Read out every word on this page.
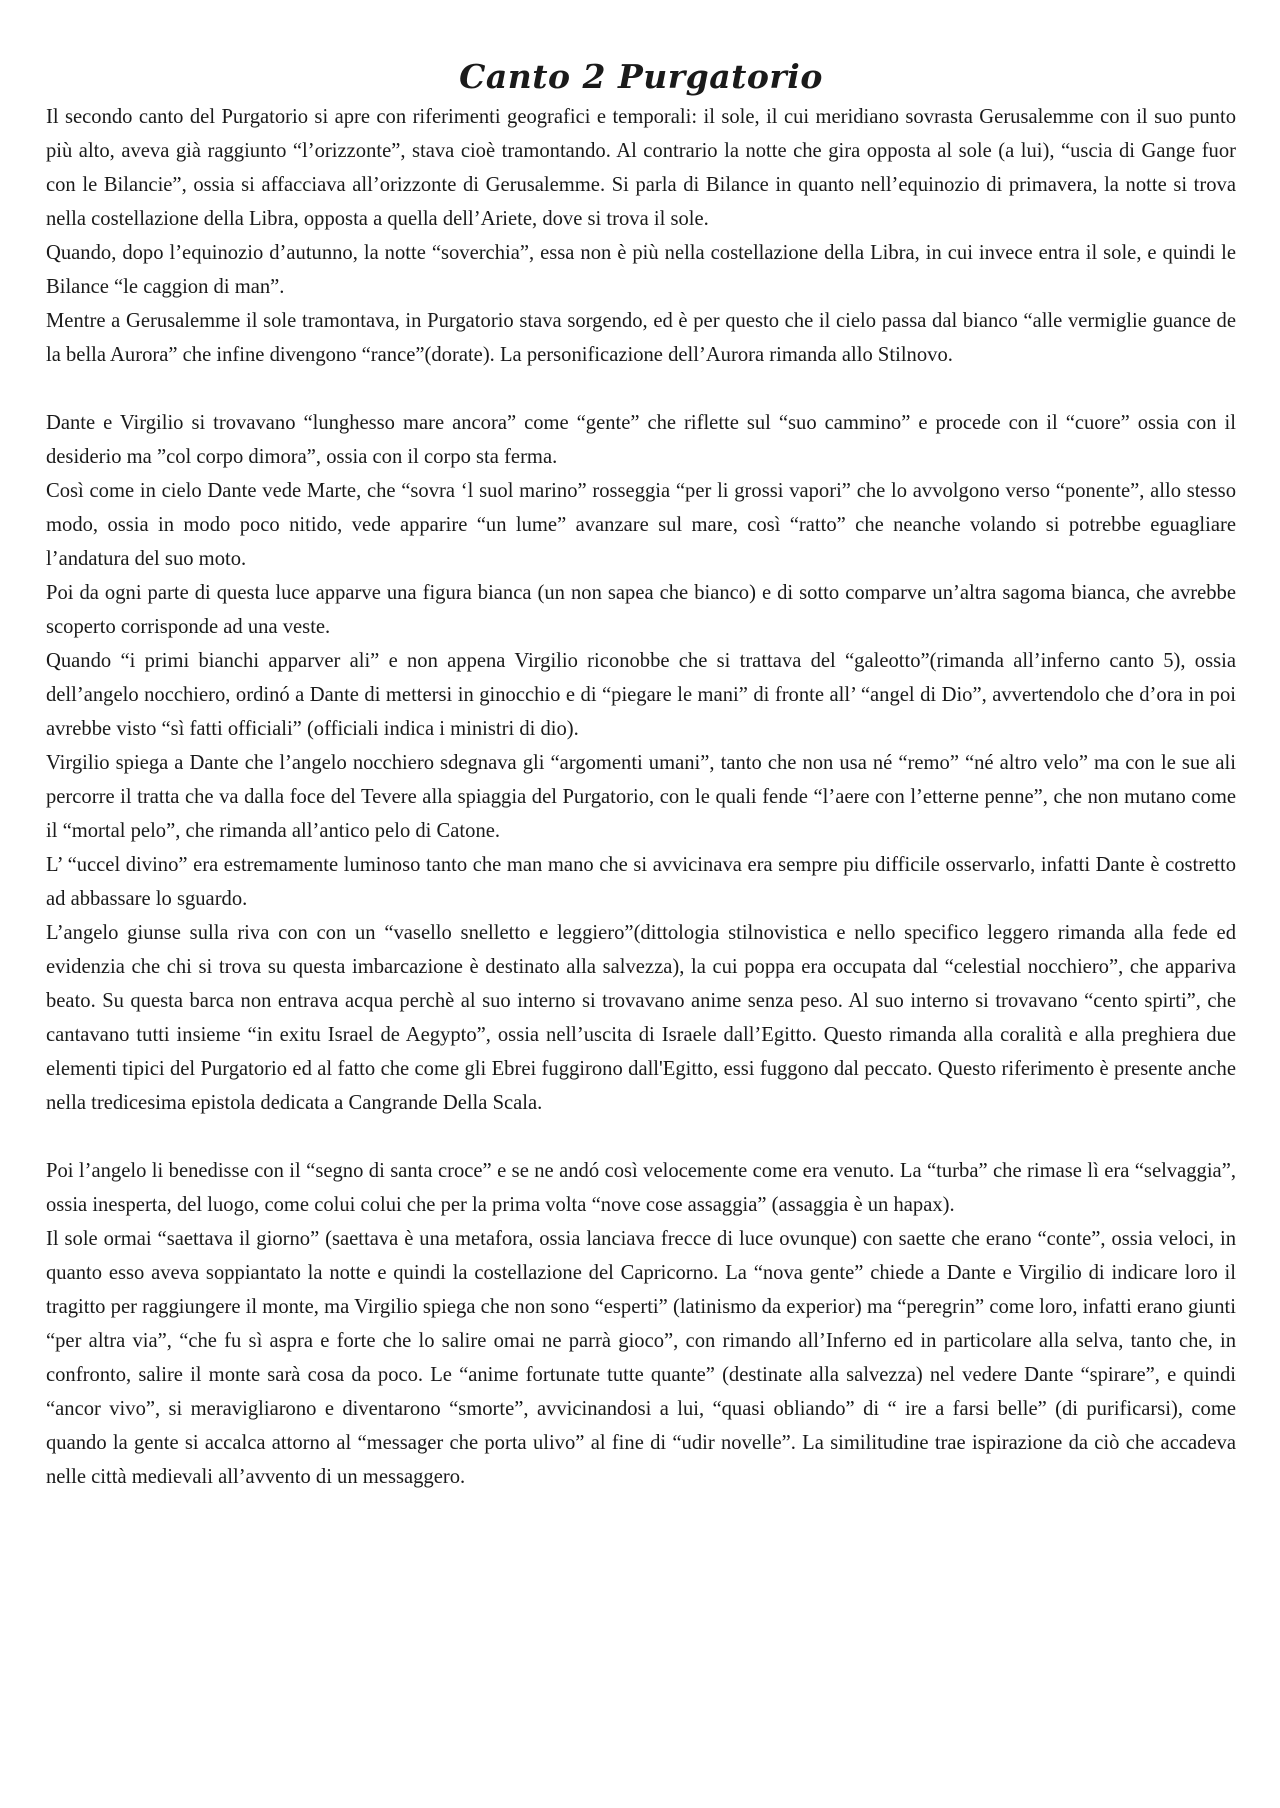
Canto 2 Purgatorio

Il secondo canto del Purgatorio si apre con riferimenti geografici e temporali: il sole, il cui meridiano sovrasta Gerusalemme con il suo punto più alto, aveva già raggiunto “l’orizzonte”, stava cioè tramontando. Al contrario la notte che gira opposta al sole (a lui), “uscia di Gange fuor con le Bilancie”, ossia si affacciava all’orizzonte di Gerusalemme. Si parla di Bilance in quanto nell’equinozio di primavera, la notte si trova nella costellazione della Libra, opposta a quella dell’Ariete, dove si trova il sole.

Quando, dopo l’equinozio d’autunno, la notte “soverchia”, essa non è più nella costellazione della Libra, in cui invece entra il sole, e quindi le Bilance “le caggion di man”.

Mentre a Gerusalemme il sole tramontava, in Purgatorio stava sorgendo, ed è per questo che il cielo passa dal bianco “alle vermiglie guance de la bella Aurora” che infine divengono “rance”(dorate). La personificazione dell’Aurora rimanda allo Stilnovo.

Dante e Virgilio si trovavano “lunghesso mare ancora” come “gente” che riflette sul “suo cammino” e procede con il “cuore” ossia con il desiderio ma ”col corpo dimora”, ossia con il corpo sta ferma.

Così come in cielo Dante vede Marte, che “sovra ‘l suol marino” rosseggia “per li grossi vapori” che lo avvolgono verso “ponente”, allo stesso modo, ossia in modo poco nitido, vede apparire “un lume” avanzare sul mare, così “ratto” che neanche volando si potrebbe eguagliare l’andatura del suo moto.

Poi da ogni parte di questa luce apparve una figura bianca (un non sapea che bianco) e di sotto comparve un’altra sagoma bianca, che avrebbe scoperto corrisponde ad una veste.

Quando “i primi bianchi apparver ali” e non appena Virgilio riconobbe che si trattava del “galeotto”(rimanda all’inferno canto 5), ossia dell’angelo nocchiero, ordinó a Dante di mettersi in ginocchio e di “piegare le mani” di fronte all’ “angel di Dio”, avvertendolo che d’ora in poi avrebbe visto “sì fatti officiali” (officiali indica i ministri di dio).

Virgilio spiega a Dante che l’angelo nocchiero sdegnava gli “argomenti umani”, tanto che non usa né “remo” “né altro velo” ma con le sue ali percorre il tratta che va dalla foce del Tevere alla spiaggia del Purgatorio, con le quali fende “l’aere con l’etterne penne”, che non mutano come il “mortal pelo”, che rimanda all’antico pelo di Catone.

L’ “uccel divino” era estremamente luminoso tanto che man mano che si avvicinava era sempre piu difficile osservarlo, infatti Dante è costretto ad abbassare lo sguardo.

L’angelo giunse sulla riva con con un “vasello snelletto e leggiero”(dittologia stilnovistica e nello specifico leggero rimanda alla fede ed evidenzia che chi si trova su questa imbarcazione è destinato alla salvezza), la cui poppa era occupata dal “celestial nocchiero”, che appariva beato. Su questa barca non entrava acqua perchè al suo interno si trovavano anime senza peso. Al suo interno si trovavano “cento spirti”, che cantavano tutti insieme “in exitu Israel de Aegypto”, ossia nell’uscita di Israele dall’Egitto. Questo rimanda alla coralità e alla preghiera due elementi tipici del Purgatorio ed al fatto che come gli Ebrei fuggirono dall'Egitto, essi fuggono dal peccato. Questo riferimento è presente anche nella tredicesima epistola dedicata a Cangrande Della Scala.

Poi l’angelo li benedisse con il “segno di santa croce” e se ne andó così velocemente come era venuto. La “turba” che rimase lì era “selvaggia”, ossia inesperta, del luogo, come colui colui che per la prima volta “nove cose assaggia” (assaggia è un hapax).

Il sole ormai “saettava il giorno” (saettava è una metafora, ossia lanciava frecce di luce ovunque) con saette che erano “conte”, ossia veloci, in quanto esso aveva soppiantato la notte e quindi la costellazione del Capricorno. La “nova gente” chiede a Dante e Virgilio di indicare loro il tragitto per raggiungere il monte, ma Virgilio spiega che non sono “esperti” (latinismo da experior) ma “peregrin” come loro, infatti erano giunti “per altra via”, “che fu sì aspra e forte che lo salire omai ne parrà gioco”, con rimando all’Inferno ed in particolare alla selva, tanto che, in confronto, salire il monte sarà cosa da poco. Le “anime fortunate tutte quante” (destinate alla salvezza) nel vedere Dante “spirare”, e quindi “ancor vivo”, si meravigliarono e diventarono “smorte”, avvicinandosi a lui, “quasi obliando” di “ ire a farsi belle” (di purificarsi), come quando la gente si accalca attorno al “messager che porta ulivo” al fine di “udir novelle”. La similitudine trae ispirazione da ciò che accadeva nelle città medievali all’avvento di un messaggero.
